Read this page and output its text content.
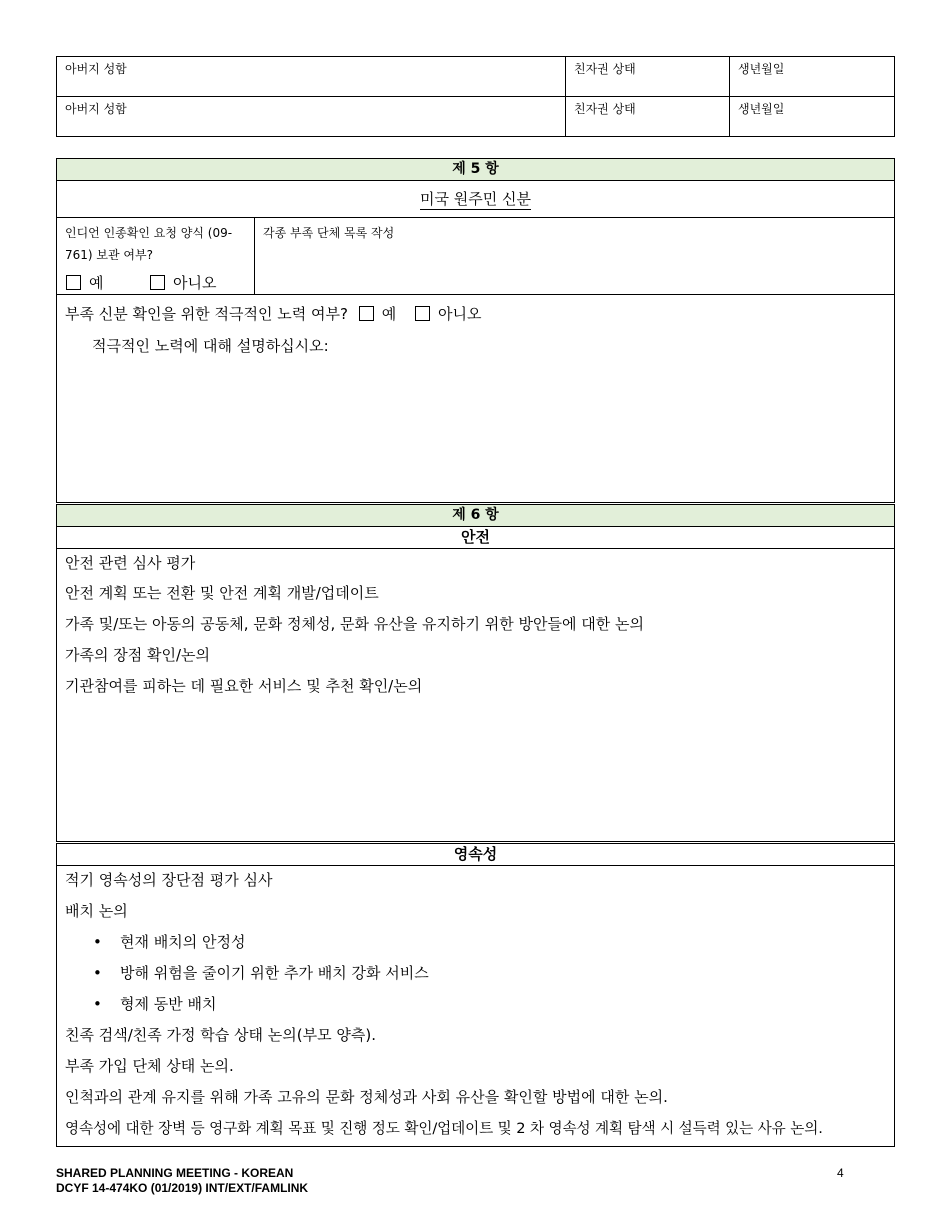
아버지 성함	친자권 상태	생년월일
아버지 성함	친자권 상태	생년월일
제 5 항
미국 원주민 신분
인디언 인종확인 요청 양식 (09-
761) 보관 여부?
예	아니오
각종 부족 단체 목록 작성
부족 신분 확인을 위한 적극적인 노력 여부? 예	아니오
적극적인 노력에 대해 설명하십시오:
제 6 항
안전
안전 관련 심사 평가
안전 계획 또는 전환 및 안전 계획 개발/업데이트
가족 및/또는 아동의 공동체, 문화 정체성, 문화 유산을 유지하기 위한 방안들에 대한 논의
가족의 장점 확인/논의
기관참여를 피하는 데 필요한 서비스 및 추천 확인/논의
영속성
적기 영속성의 장단점 평가 심사
배치 논의
• 현재 배치의 안정성
• 방해 위험을 줄이기 위한 추가 배치 강화 서비스
• 형제 동반 배치
친족 검색/친족 가정 학습 상태 논의(부모 양측).
부족 가입 단체 상태 논의.
인척과의 관계 유지를 위해 가족 고유의 문화 정체성과 사회 유산을 확인할 방법에 대한 논의.
영속성에 대한 장벽 등 영구화 계획 목표 및 진행 정도 확인/업데이트 및 2 차 영속성 계획 탐색 시 설득력 있는 사유 논의.
SHARED PLANNING MEETING - KOREAN
DCYF 14-474KO (01/2019) INT/EXT/FAMLINK
4
